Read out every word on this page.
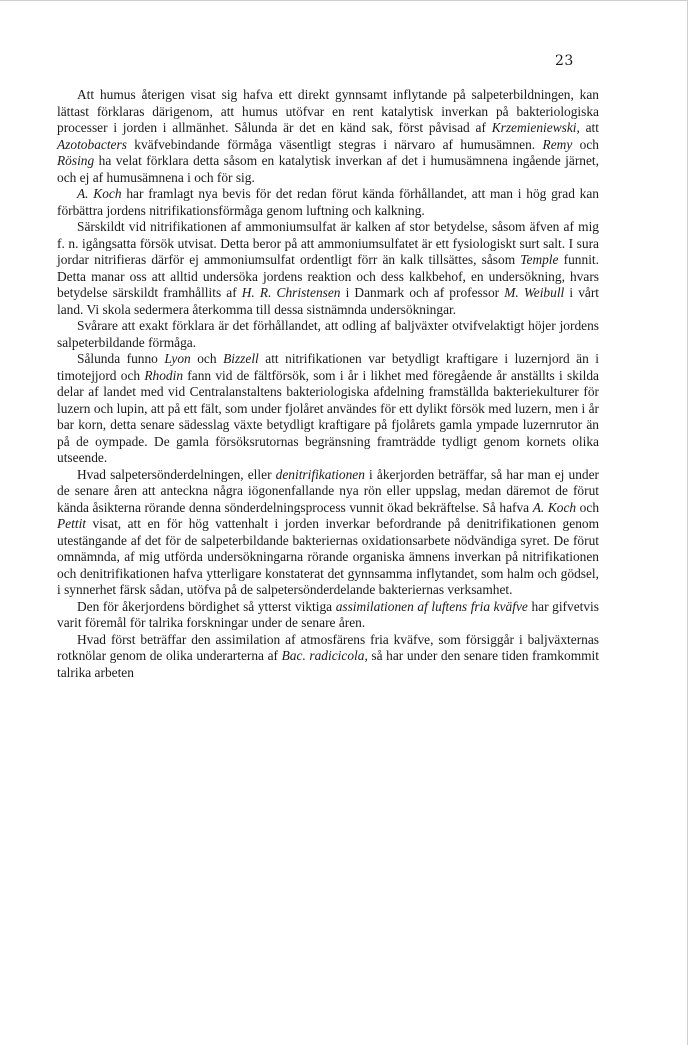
23

Att humus återigen visat sig hafva ett direkt gynnsamt inflytande på salpeterbildningen, kan lättast förklaras därigenom, att humus utöfvar en rent katalytisk inverkan på bakteriologiska processer i jorden i allmänhet. Sålunda är det en känd sak, först påvisad af Krzemieniewski, att Azotobacters kväfvebindande förmåga väsentligt stegras i närvaro af humusämnen. Remy och Rösing ha velat förklara detta såsom en katalytisk inverkan af det i humusämnena ingående järnet, och ej af humusämnena i och för sig.

A. Koch har framlagt nya bevis för det redan förut kända förhållandet, att man i hög grad kan förbättra jordens nitrifikationsförmåga genom luftning och kalkning.

Särskildt vid nitrifikationen af ammoniumsulfat är kalken af stor betydelse, såsom äfven af mig f. n. igångsatta försök utvisat. Detta beror på att ammoniumsulfatet är ett fysiologiskt surt salt. I sura jordar nitrifieras därför ej ammoniumsulfat ordentligt förr än kalk tillsättes, såsom Temple funnit. Detta manar oss att alltid undersöka jordens reaktion och dess kalkbehof, en undersökning, hvars betydelse särskildt framhållits af H. R. Christensen i Danmark och af professor M. Weibull i vårt land. Vi skola sedermera återkomma till dessa sistnämnda undersökningar.

Svårare att exakt förklara är det förhållandet, att odling af baljväxter otvifvelaktigt höjer jordens salpeterbildande förmåga.

Sålunda funno Lyon och Bizzell att nitrifikationen var betydligt kraftigare i luzernjord än i timotejjord och Rhodin fann vid de fältförsök, som i år i likhet med föregående år anställts i skilda delar af landet med vid Centralanstaltens bakteriologiska afdelning framställda bakteriekulturer för luzern och lupin, att på ett fält, som under fjolåret användes för ett dylikt försök med luzern, men i år bar korn, detta senare sädesslag växte betydligt kraftigare på fjolårets gamla ympade luzernrutor än på de oympade. De gamla försöksrutornas begränsning framträdde tydligt genom kornets olika utseende.

Hvad salpetersönderdelningen, eller denitrifikationen i åkerjorden beträffar, så har man ej under de senare åren att anteckna några iögonenfallande nya rön eller uppslag, medan däremot de förut kända åsikterna rörande denna sönderdelningsprocess vunnit ökad bekräftelse. Så hafva A. Koch och Pettit visat, att en för hög vattenhalt i jorden inverkar befordrande på denitrifikationen genom utestängande af det för de salpeterbildande bakteriernas oxidationsarbete nödvändiga syret. De förut omnämnda, af mig utförda undersökningarna rörande organiska ämnens inverkan på nitrifikationen och denitrifikationen hafva ytterligare konstaterat det gynnsamma inflytandet, som halm och gödsel, i synnerhet färsk sådan, utöfva på de salpetersönderdelande bakteriernas verksamhet.

Den för åkerjordens bördighet så ytterst viktiga assimilationen af luftens fria kväfve har gifvetvis varit föremål för talrika forskningar under de senare åren.

Hvad först beträffar den assimilation af atmosfärens fria kväfve, som försiggår i baljväxternas rotknölar genom de olika underarterna af Bac. radicicola, så har under den senare tiden framkommit talrika arbeten
